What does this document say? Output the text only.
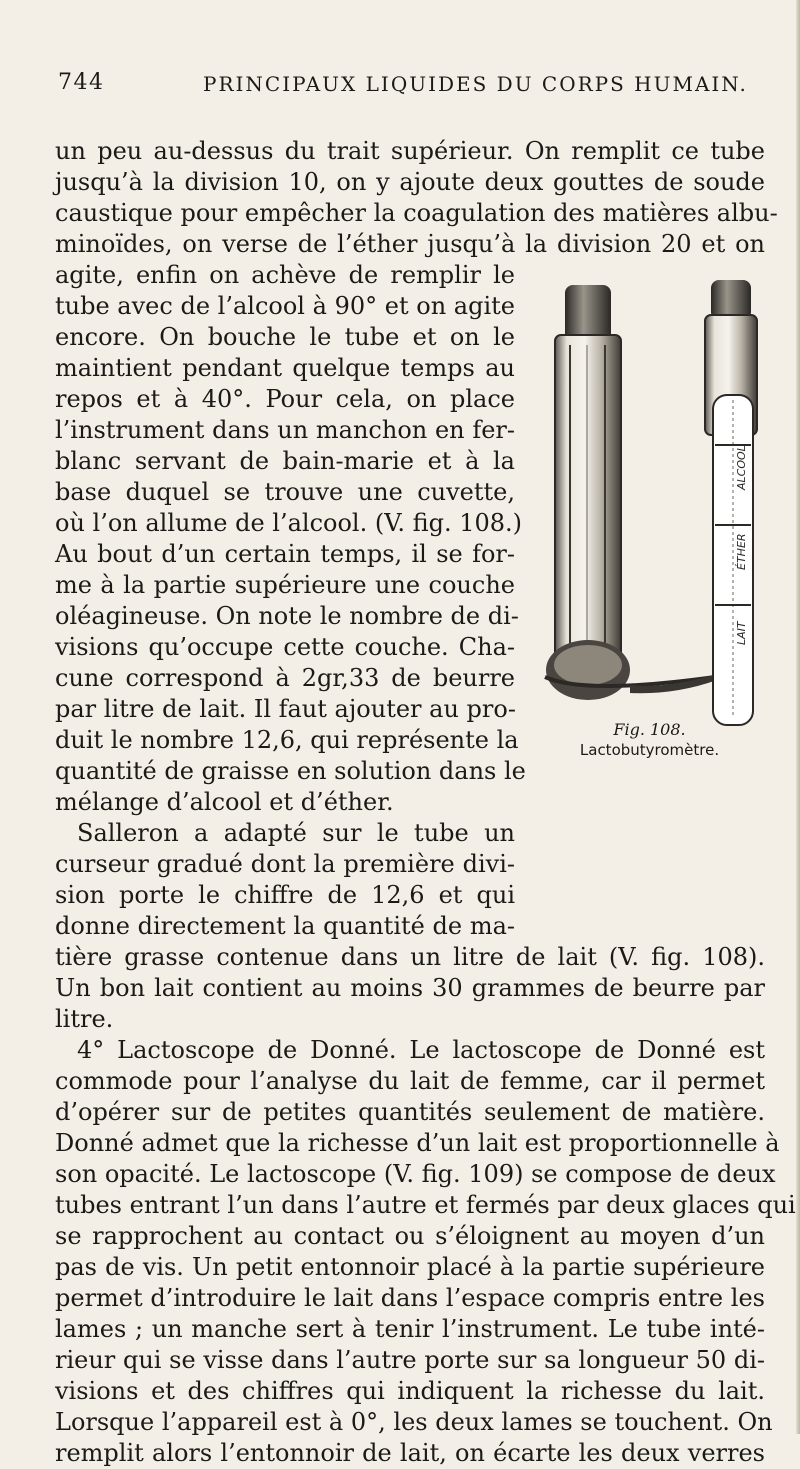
744	PRINCIPAUX LIQUIDES DU CORPS HUMAIN.
un peu au-dessus du trait supérieur. On remplit ce tube
jusqu’à la division 10, on y ajoute deux gouttes de soude
caustique pour empêcher la coagulation des matières albu-
minoïdes, on verse de l’éther jusqu’à la division 20 et on
agite, enfin on achève de remplir le
tube avec de l’alcool à 90° et on agite
encore. On bouche le tube et on le
maintient pendant quelque temps au
repos et à 40°. Pour cela, on place
l’instrument dans un manchon en fer-
blanc servant de bain-marie et à la
base duquel se trouve une cuvette,
où l’on allume de l’alcool. (V. fig. 108.)
Au bout d’un certain temps, il se for-
me à la partie supérieure une couche
oléagineuse. On note le nombre de di-
visions qu’occupe cette couche. Cha-
cune correspond à 2gr,33 de beurre
par litre de lait. Il faut ajouter au pro-
duit le nombre 12,6, qui représente la
quantité de graisse en solution dans le
mélange d’alcool et d’éther.
Salleron a adapté sur le tube un
curseur gradué dont la première divi-
sion porte le chiffre de 12,6 et qui
donne directement la quantité de ma-
tière grasse contenue dans un litre de lait (V. fig. 108).
Un bon lait contient au moins 30 grammes de beurre par
litre.
4° Lactoscope de Donné. Le lactoscope de Donné est
commode pour l’analyse du lait de femme, car il permet
d’opérer sur de petites quantités seulement de matière.
Donné admet que la richesse d’un lait est proportionnelle à
son opacité. Le lactoscope (V. fig. 109) se compose de deux
tubes entrant l’un dans l’autre et fermés par deux glaces qui
se rapprochent au contact ou s’éloignent au moyen d’un
pas de vis. Un petit entonnoir placé à la partie supérieure
permet d’introduire le lait dans l’espace compris entre les
lames ; un manche sert à tenir l’instrument. Le tube inté-
rieur qui se visse dans l’autre porte sur sa longueur 50 di-
visions et des chiffres qui indiquent la richesse du lait.
Lorsque l’appareil est à 0°, les deux lames se touchent. On
remplit alors l’entonnoir de lait, on écarte les deux verres
ALCOOL
ÉTHER
LAIT
Fig. 108.
Lactobutyromètre.
